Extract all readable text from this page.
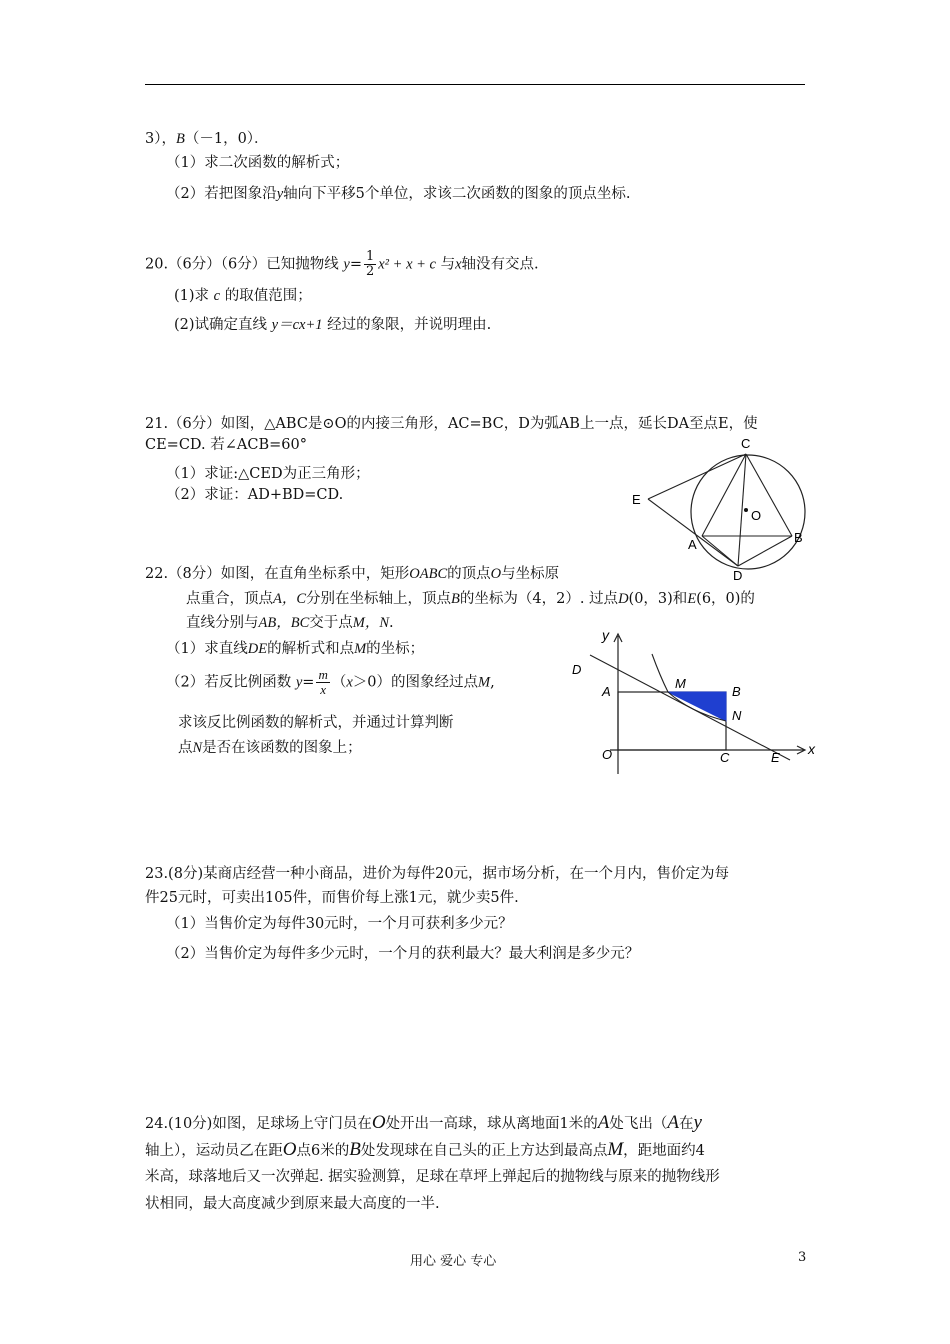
3），B（－1，0）．
（1）求二次函数的解析式；
（2）若把图象沿y轴向下平移5个单位，求该二次函数的图象的顶点坐标.
20.（6分）（6分）已知抛物线 $y= \frac{1}{2} x^2 + x + c$ 与x轴没有交点.
(1)求 c 的取值范围；
(2)试确定直线 y＝cx+1 经过的象限，并说明理由.
21.（6分）如图，△ABC是⊙O的内接三角形，AC=BC，D为弧AB上一点，延长DA至点E，使
CE=CD. 若∠ACB=60°
（1）求证:△CED为正三角形；
（2）求证：AD+BD=CD.
C
E
O
A	B
D
22.（8分）如图，在直角坐标系中，矩形OABC的顶点O与坐标原
点重合，顶点A，C分别在坐标轴上，顶点B的坐标为（4，2）. 过点D(0，3)和E(6，0)的
直线分别与AB，BC交于点M，N.
（1）求直线DE的解析式和点M的坐标；
（2）若反比例函数 $y= \frac{m}{x} (x>0)$的图象经过点M,
求该反比例函数的解析式，并通过计算判断
点N是否在该函数的图象上；
y
x
D
A
M
B
N
O	C	E
23.(8分)某商店经营一种小商品，进价为每件20元，据市场分析，在一个月内，售价定为每
件25元时，可卖出105件，而售价每上涨1元，就少卖5件.
（1）当售价定为每件30元时，一个月可获利多少元？
（2）当售价定为每件多少元时，一个月的获利最大？最大利润是多少元？
24.(10分)如图，足球场上守门员在O处开出一高球，球从离地面1米的A处飞出（A在y
轴上），运动员乙在距O点6米的B处发现球在自己头的正上方达到最高点M，距地面约4
米高，球落地后又一次弹起. 据实验测算，足球在草坪上弹起后的抛物线与原来的抛物线形
状相同，最大高度减少到原来最大高度的一半.
用心 爱心 专心	3
